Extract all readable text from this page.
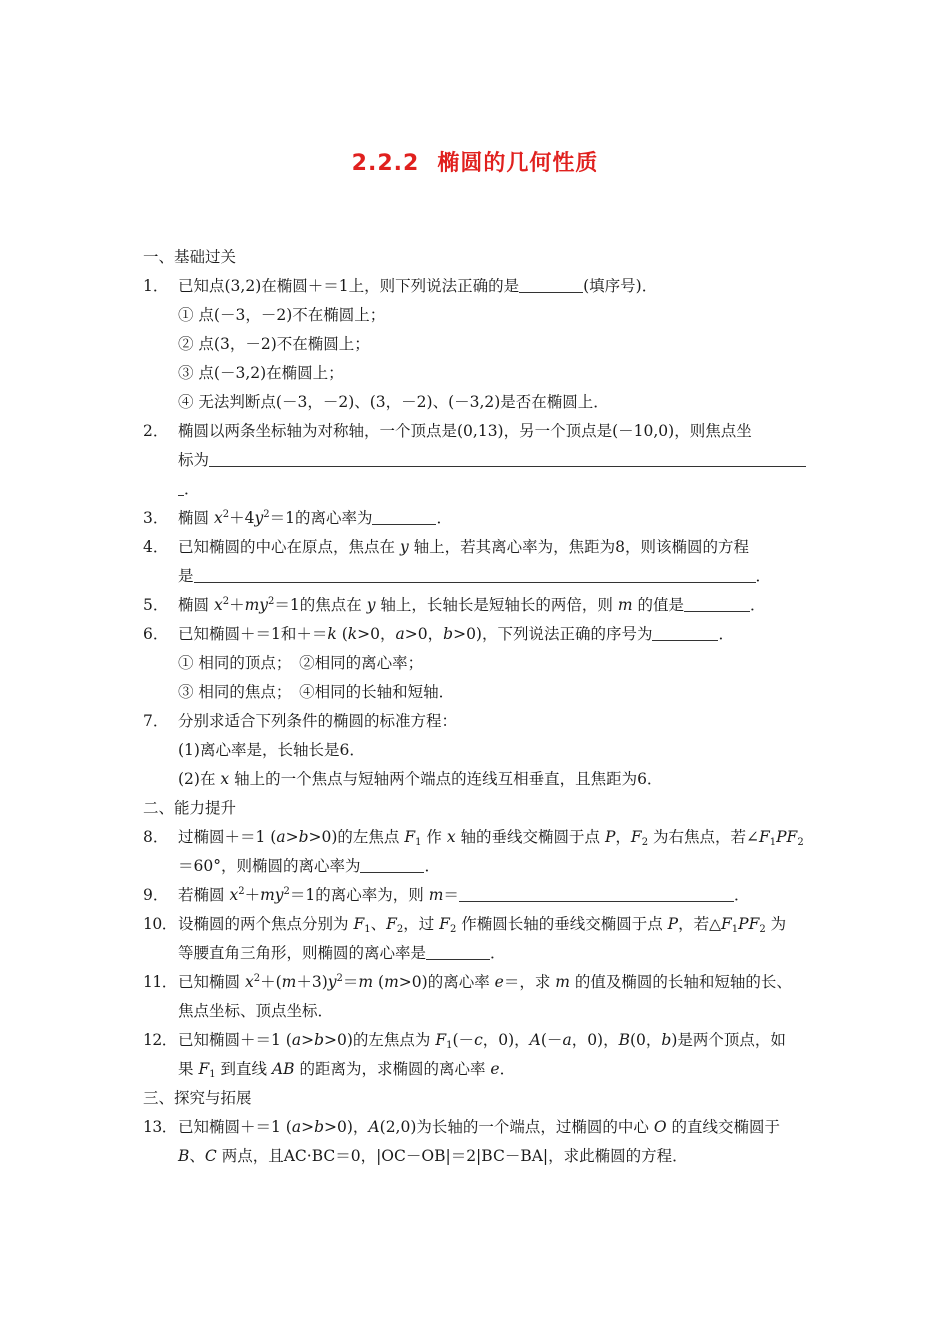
2.2.2 椭圆的几何性质
一、基础过关
1． 已知点(3,2)在椭圆＋＝1上，则下列说法正确的是	(填序号)．
① 点(－3，－2)不在椭圆上；
② 点(3，－2)不在椭圆上；
③ 点(－3,2)在椭圆上；
④ 无法判断点(－3，－2)、(3，－2)、(－3,2)是否在椭圆上．
2． 椭圆以两条坐标轴为对称轴，一个顶点是(0,13)，另一个顶点是(－10,0)，则焦点坐
标为
．
3． 椭圆 $x^2+4y^2=1$的离心率为	．
4． 已知椭圆的中心在原点，焦点在 y 轴上，若其离心率为，焦距为8，则该椭圆的方程
是	．
5． 椭圆 $x^2+my^2=1$的焦点在 y 轴上，长轴长是短轴长的两倍，则 m 的值是	．
6． 已知椭圆＋＝1和＋＝k (k>0，a>0，b>0)，下列说法正确的序号为	．
① 相同的顶点；　②相同的离心率；
③ 相同的焦点；　④相同的长轴和短轴．
7． 分别求适合下列条件的椭圆的标准方程：
(1)离心率是，长轴长是6．
(2)在 x 轴上的一个焦点与短轴两个端点的连线互相垂直，且焦距为6．
二、能力提升
8． 过椭圆＋＝1 (a>b>0)的左焦点 $F_1$ 作 x 轴的垂线交椭圆于点 P，$F_2$ 为右焦点，若$\angle F_1PF_2$
＝60°，则椭圆的离心率为	．
9． 若椭圆 $x^2+my^2=1$的离心率为，则 m＝	．
10．设椭圆的两个焦点分别为 $F_1$、$F_2$，过 $F_2$ 作椭圆长轴的垂线交椭圆于点 P，若$\triangle F_1PF_2$ 为
等腰直角三角形，则椭圆的离心率是	．
11．已知椭圆 $x^2+(m+3)y^2=m$ (m>0)的离心率 e＝，求 m 的值及椭圆的长轴和短轴的长、
焦点坐标、顶点坐标．
12．已知椭圆＋＝1 (a>b>0)的左焦点为 $F_1(-c$，0)，A(－a，0)，B(0，b)是两个顶点，如
果 $F_1$ 到直线 AB 的距离为，求椭圆的离心率 e．
三、探究与拓展
13．已知椭圆＋＝1 (a>b>0)，A(2,0)为长轴的一个端点，过椭圆的中心 O 的直线交椭圆于
B、C 两点，且AC·BC＝0，|OC－OB|＝2|BC－BA|，求此椭圆的方程．
